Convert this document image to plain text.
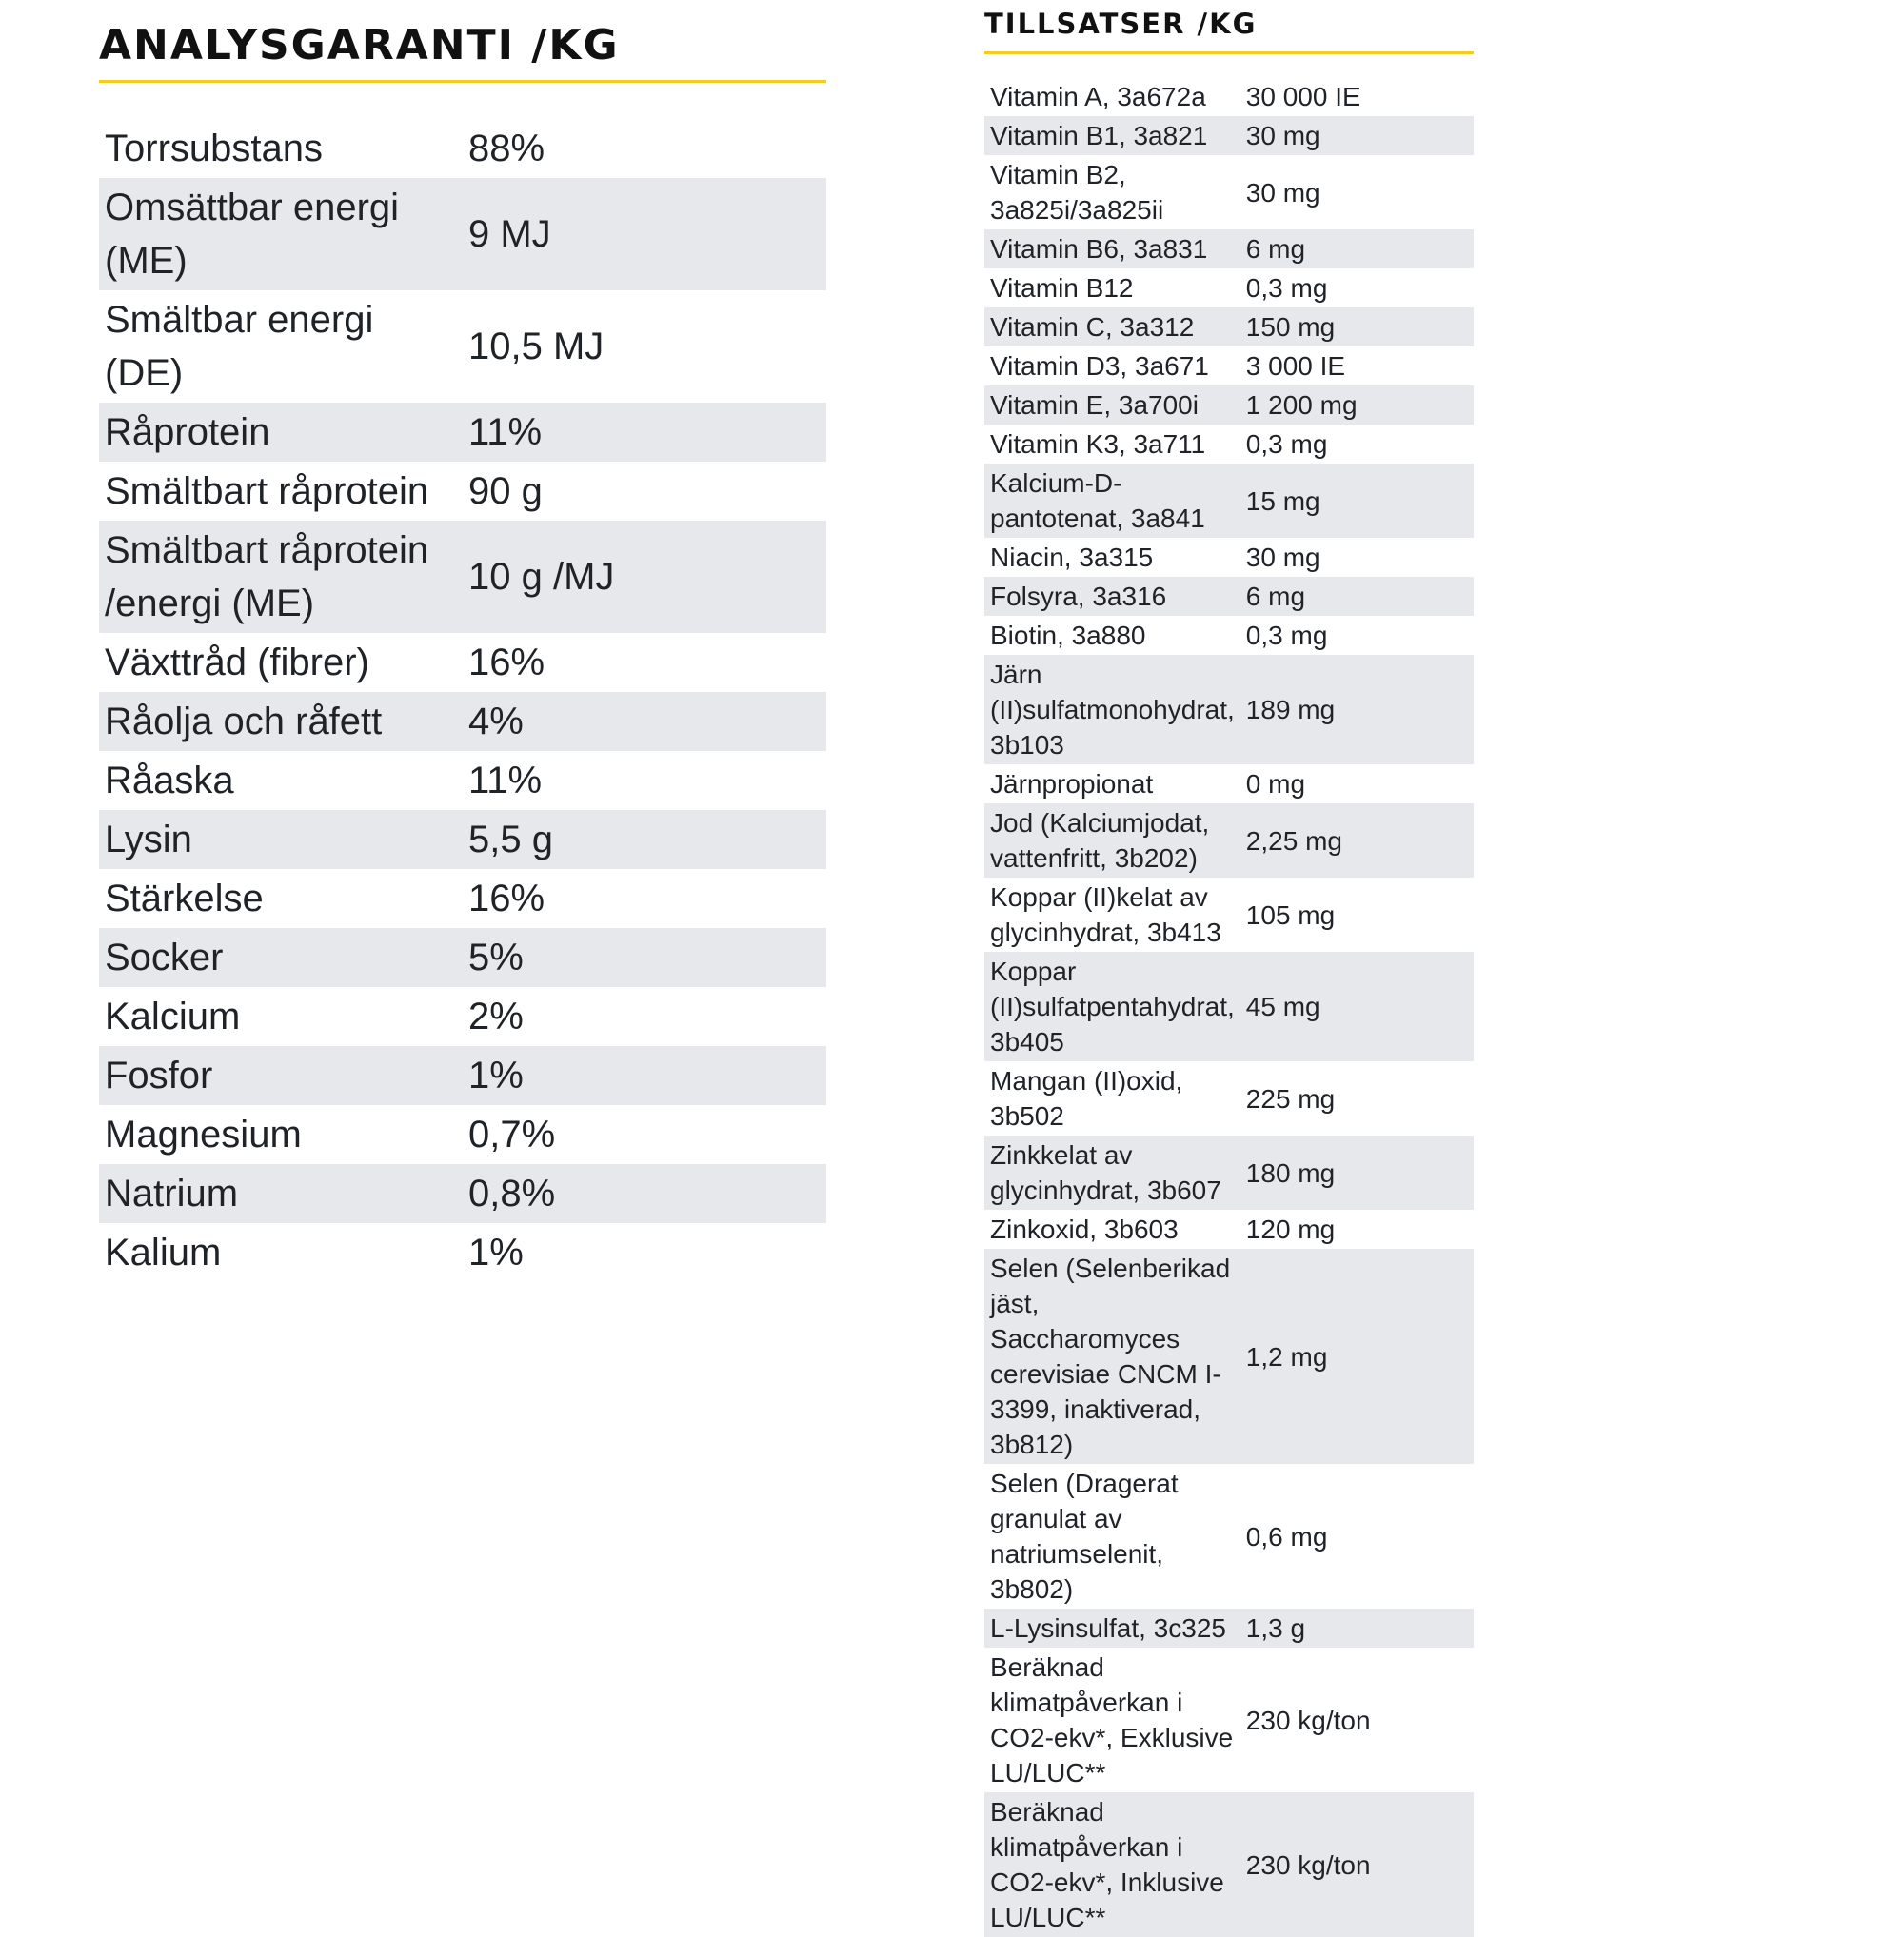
ANALYSGARANTI /KG
Torrsubstans	88%
Omsättbar energi (ME)	9 MJ
Smältbar energi (DE)	10,5 MJ
Råprotein	11%
Smältbart råprotein	90 g
Smältbart råprotein /energi (ME)	10 g /MJ
Växttråd (fibrer)	16%
Råolja och råfett	4%
Råaska	11%
Lysin	5,5 g
Stärkelse	16%
Socker	5%
Kalcium	2%
Fosfor	1%
Magnesium	0,7%
Natrium	0,8%
Kalium	1%
TILLSATSER /KG
Vitamin A, 3a672a	30 000 IE
Vitamin B1, 3a821	30 mg
Vitamin B2, 3a825i/3a825ii	30 mg
Vitamin B6, 3a831	6 mg
Vitamin B12	0,3 mg
Vitamin C, 3a312	150 mg
Vitamin D3, 3a671	3 000 IE
Vitamin E, 3a700i	1 200 mg
Vitamin K3, 3a711	0,3 mg
Kalcium-D-pantotenat, 3a841	15 mg
Niacin, 3a315	30 mg
Folsyra, 3a316	6 mg
Biotin, 3a880	0,3 mg
Järn (II)sulfatmonohydrat, 3b103	189 mg
Järnpropionat	0 mg
Jod (Kalciumjodat, vattenfritt, 3b202)	2,25 mg
Koppar (II)kelat av glycinhydrat, 3b413	105 mg
Koppar (II)sulfatpentahydrat, 3b405	45 mg
Mangan (II)oxid, 3b502	225 mg
Zinkkelat av glycinhydrat, 3b607	180 mg
Zinkoxid, 3b603	120 mg
Selen (Selenberikad jäst, Saccharomyces cerevisiae CNCM I-3399, inaktiverad, 3b812)	1,2 mg
Selen (Dragerat granulat av natriumselenit, 3b802)	0,6 mg
L-Lysinsulfat, 3c325	1,3 g
Beräknad klimatpåverkan i CO2-ekv*, Exklusive LU/LUC**	230 kg/ton
Beräknad klimatpåverkan i CO2-ekv*, Inklusive LU/LUC**	230 kg/ton
